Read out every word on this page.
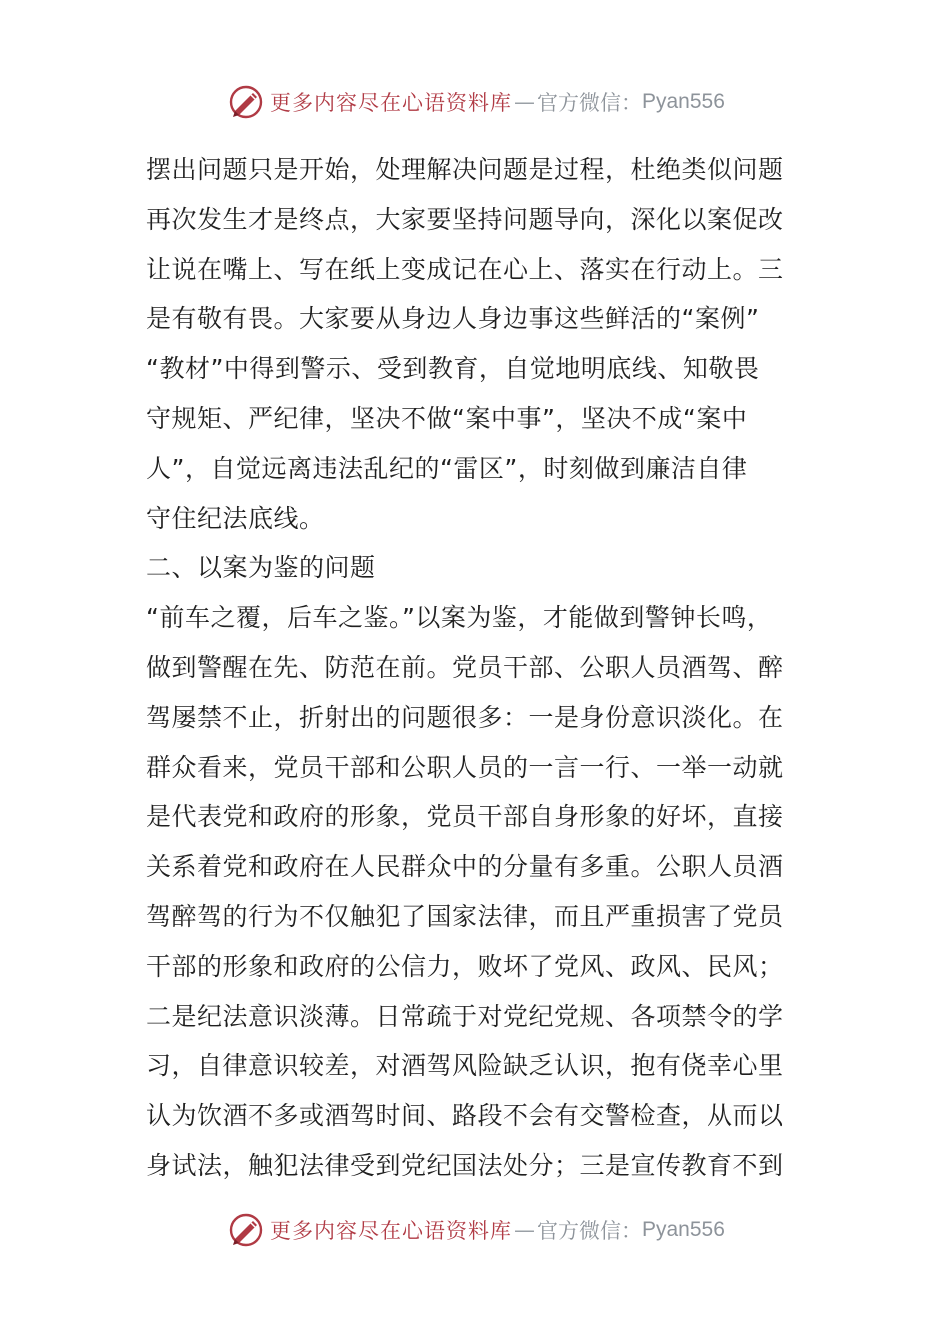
更多内容尽在心语资料库 — 官方微信： Pyan556
摆出问题只是开始，处理解决问题是过程，杜绝类似问题
再次发生才是终点，大家要坚持问题导向，深化以案促改
让说在嘴上、写在纸上变成记在心上、落实在行动上。三
是有敬有畏。大家要从身边人身边事这些鲜活的“案例”
“教材”中得到警示、受到教育，自觉地明底线、知敬畏
守规矩、严纪律，坚决不做“案中事”，坚决不成“案中
人”，自觉远离违法乱纪的“雷区”，时刻做到廉洁自律
守住纪法底线。
二、以案为鉴的问题
“前车之覆，后车之鉴。”以案为鉴，才能做到警钟长鸣，
做到警醒在先、防范在前。党员干部、公职人员酒驾、醉
驾屡禁不止，折射出的问题很多：一是身份意识淡化。在
群众看来，党员干部和公职人员的一言一行、一举一动就
是代表党和政府的形象，党员干部自身形象的好坏，直接
关系着党和政府在人民群众中的分量有多重。公职人员酒
驾醉驾的行为不仅触犯了国家法律，而且严重损害了党员
干部的形象和政府的公信力，败坏了党风、政风、民风；
二是纪法意识淡薄。日常疏于对党纪党规、各项禁令的学
习，自律意识较差，对酒驾风险缺乏认识，抱有侥幸心里
认为饮酒不多或酒驾时间、路段不会有交警检查，从而以
身试法，触犯法律受到党纪国法处分；三是宣传教育不到
更多内容尽在心语资料库 — 官方微信： Pyan556
